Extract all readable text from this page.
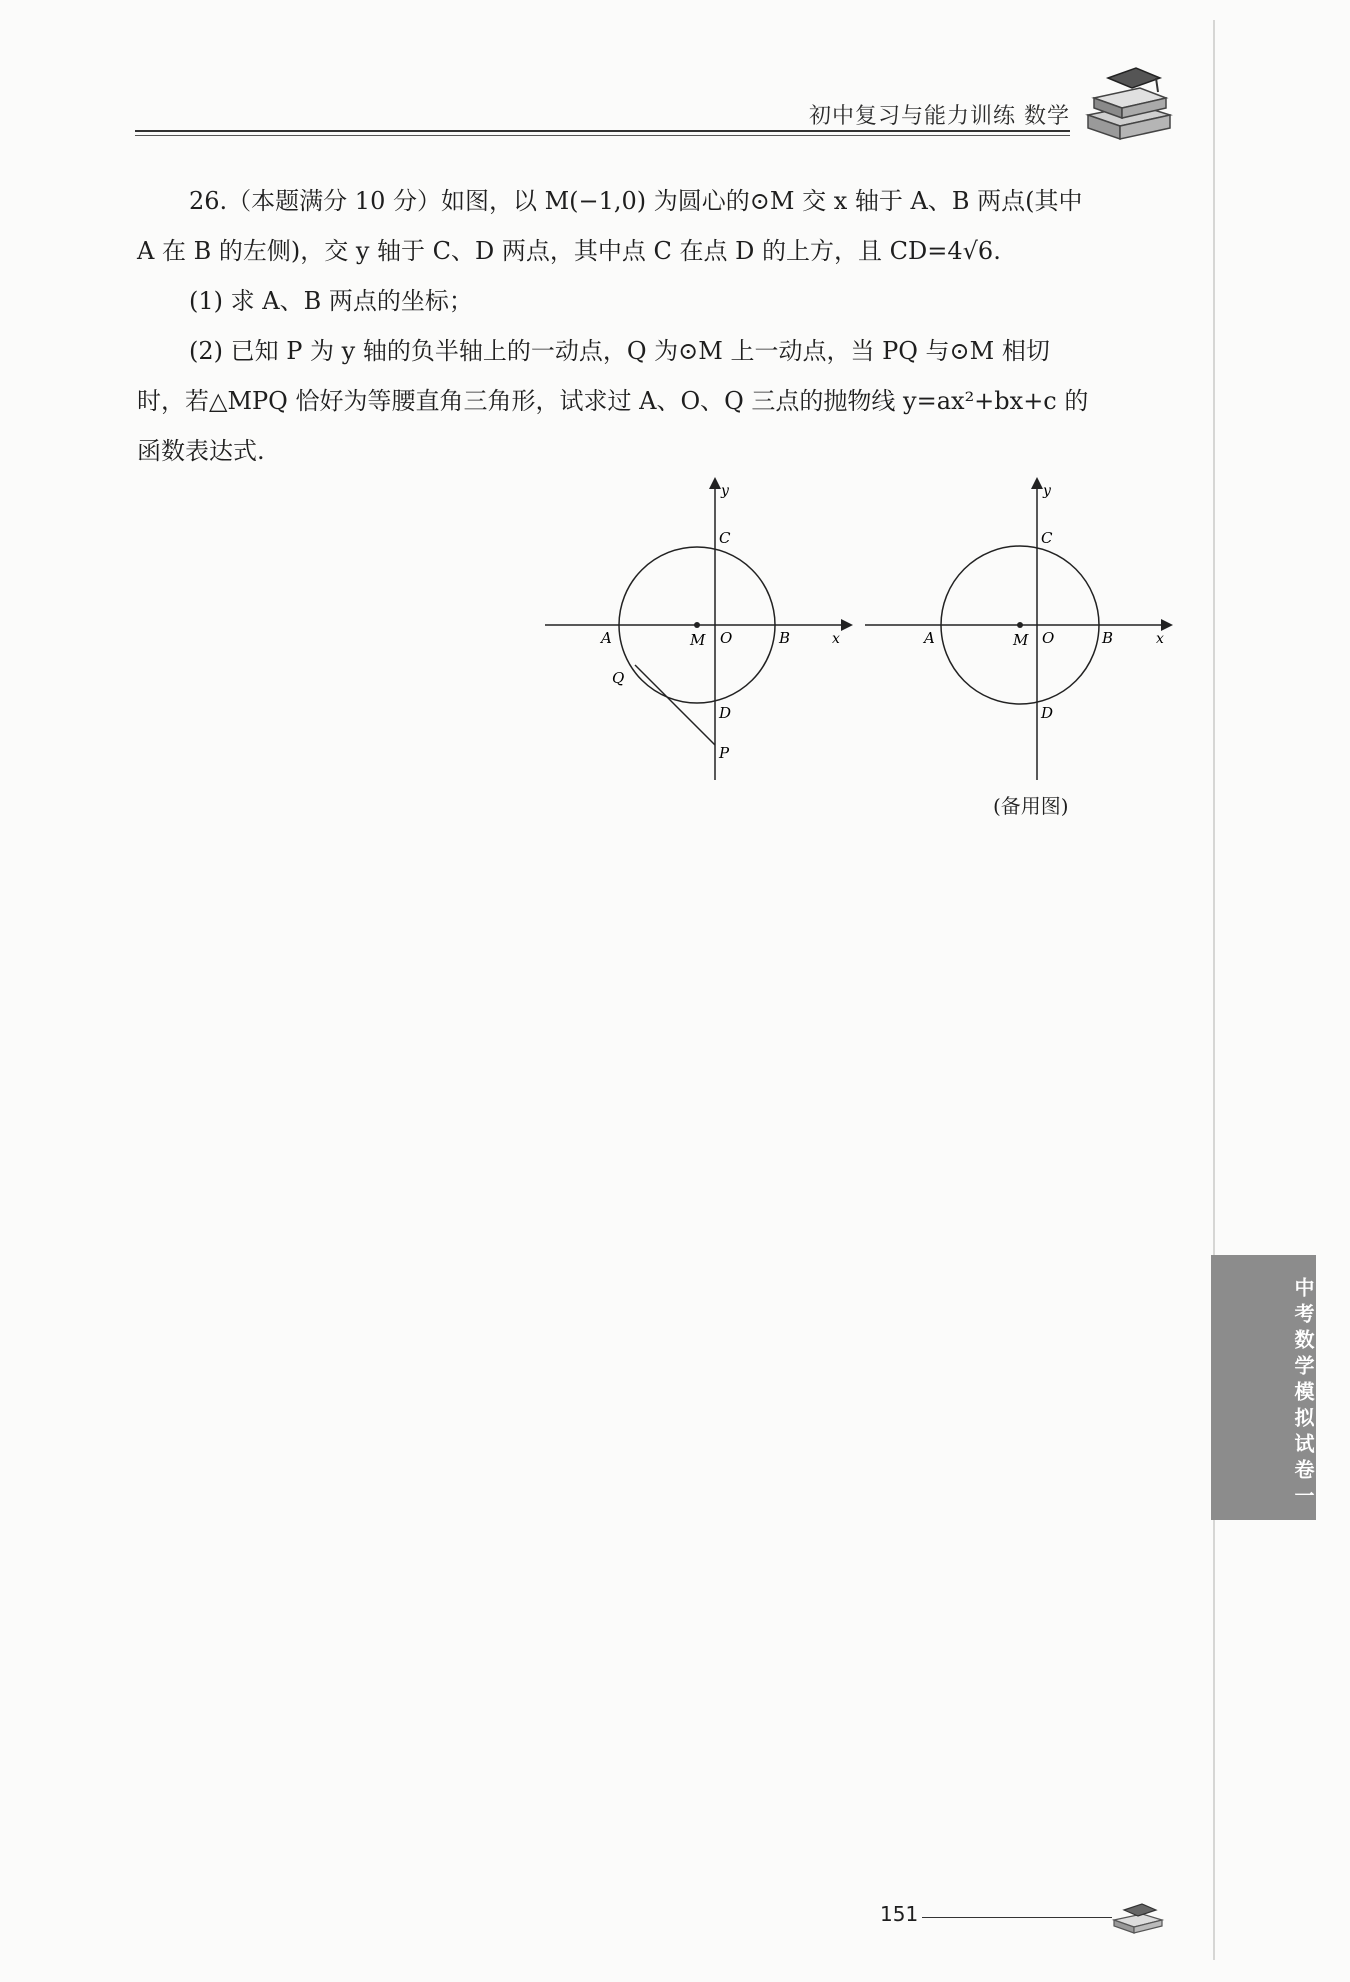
初中复习与能力训练 数学

26.（本题满分 10 分）如图，以 M(−1,0) 为圆心的⊙M 交 x 轴于 A、B 两点(其中

A 在 B 的左侧)，交 y 轴于 C、D 两点，其中点 C 在点 D 的上方，且 CD=4√6.

(1) 求 A、B 两点的坐标；

(2) 已知 P 为 y 轴的负半轴上的一动点，Q 为⊙M 上一动点，当 PQ 与⊙M 相切

时，若△MPQ 恰好为等腰直角三角形，试求过 A、O、Q 三点的抛物线 y=ax²+bx+c 的

函数表达式.

y
C
A	M O	B	x
Q
D
P
y
C
A	M O	B	x
D
(备用图)
中考数学模拟试卷一
151
